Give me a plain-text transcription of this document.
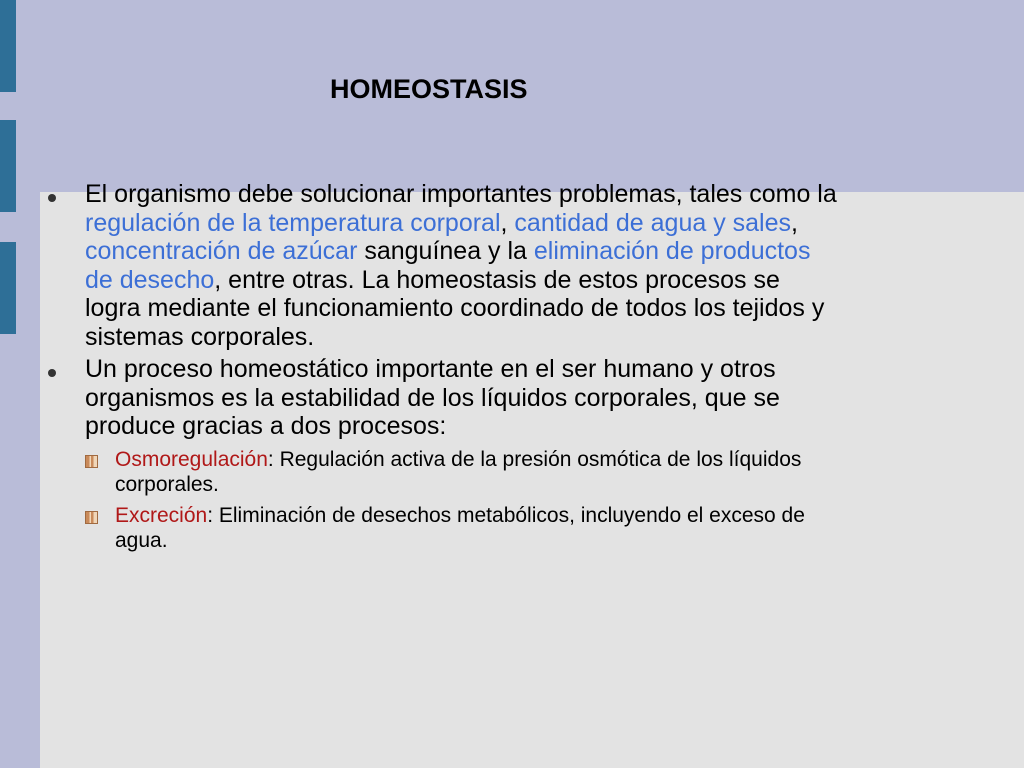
HOMEOSTASIS
El organismo debe solucionar importantes problemas, tales como la regulación de la temperatura corporal, cantidad de agua y sales, concentración de azúcar sanguínea y la eliminación de productos de desecho, entre otras. La homeostasis de estos procesos se logra mediante el funcionamiento coordinado de todos los tejidos y sistemas corporales.
Un proceso homeostático importante en el ser humano y otros organismos es la estabilidad de los líquidos corporales, que se produce gracias a dos procesos:
Osmoregulación: Regulación activa de la presión osmótica de los líquidos corporales.
Excreción: Eliminación de desechos metabólicos, incluyendo el exceso de agua.
